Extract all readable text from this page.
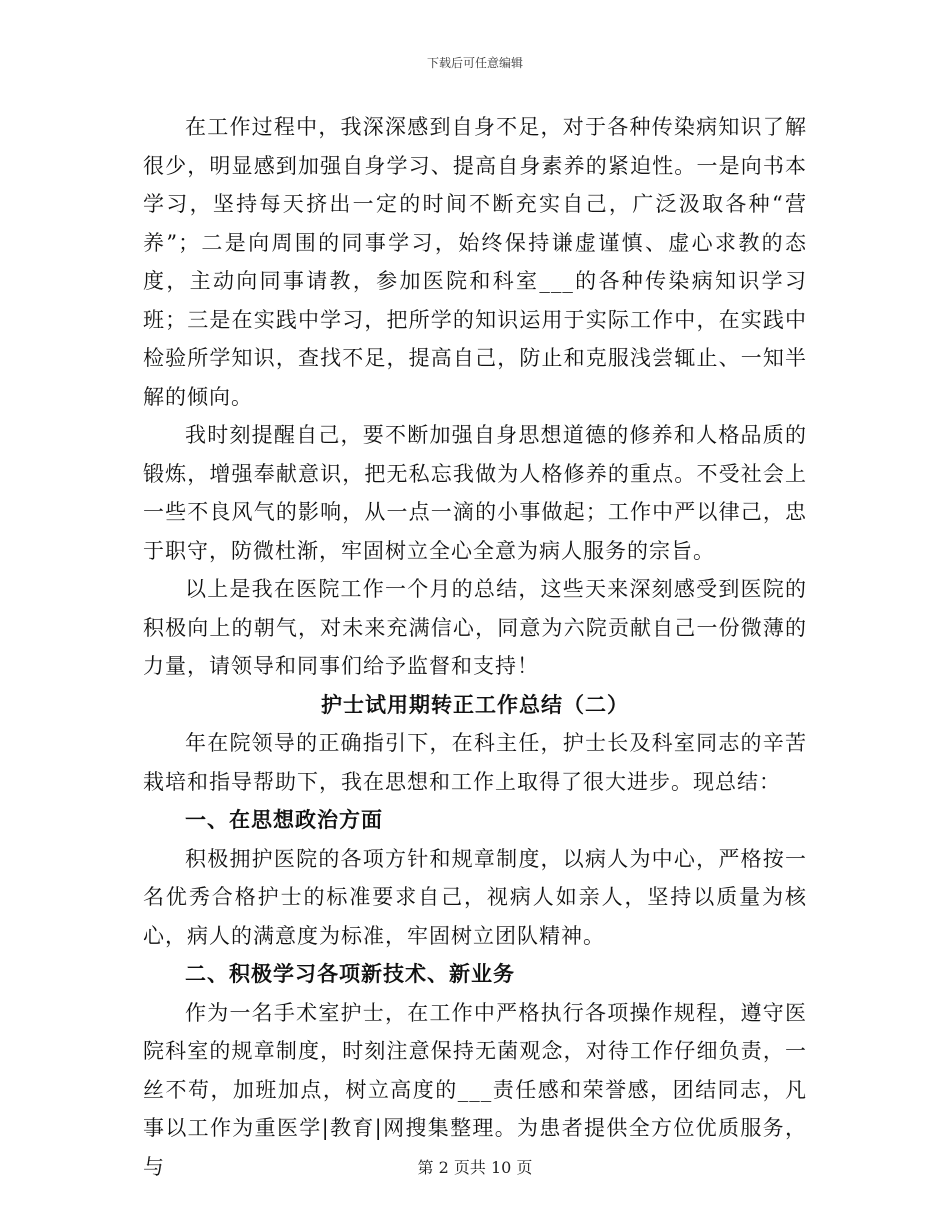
下载后可任意编辑

在工作过程中，我深深感到自身不足，对于各种传染病知识了解很少，明显感到加强自身学习、提高自身素养的紧迫性。一是向书本学习，坚持每天挤出一定的时间不断充实自己，广泛汲取各种“营养”；二是向周围的同事学习，始终保持谦虚谨慎、虚心求教的态度，主动向同事请教，参加医院和科室___的各种传染病知识学习班；三是在实践中学习，把所学的知识运用于实际工作中，在实践中检验所学知识，查找不足，提高自己，防止和克服浅尝辄止、一知半解的倾向。

我时刻提醒自己，要不断加强自身思想道德的修养和人格品质的锻炼，增强奉献意识，把无私忘我做为人格修养的重点。不受社会上一些不良风气的影响，从一点一滴的小事做起；工作中严以律己，忠于职守，防微杜渐，牢固树立全心全意为病人服务的宗旨。

以上是我在医院工作一个月的总结，这些天来深刻感受到医院的积极向上的朝气，对未来充满信心，同意为六院贡献自己一份微薄的力量，请领导和同事们给予监督和支持！

护士试用期转正工作总结（二）

年在院领导的正确指引下，在科主任，护士长及科室同志的辛苦栽培和指导帮助下，我在思想和工作上取得了很大进步。现总结：

一、在思想政治方面

积极拥护医院的各项方针和规章制度，以病人为中心，严格按一名优秀合格护士的标准要求自己，视病人如亲人，坚持以质量为核心，病人的满意度为标准，牢固树立团队精神。

二、积极学习各项新技术、新业务

作为一名手术室护士，在工作中严格执行各项操作规程，遵守医院科室的规章制度，时刻注意保持无菌观念，对待工作仔细负责，一丝不苟，加班加点，树立高度的___责任感和荣誉感，团结同志，凡事以工作为重医学|教育|网搜集整理。为患者提供全方位优质服务，与	第 2 页共 10 页
